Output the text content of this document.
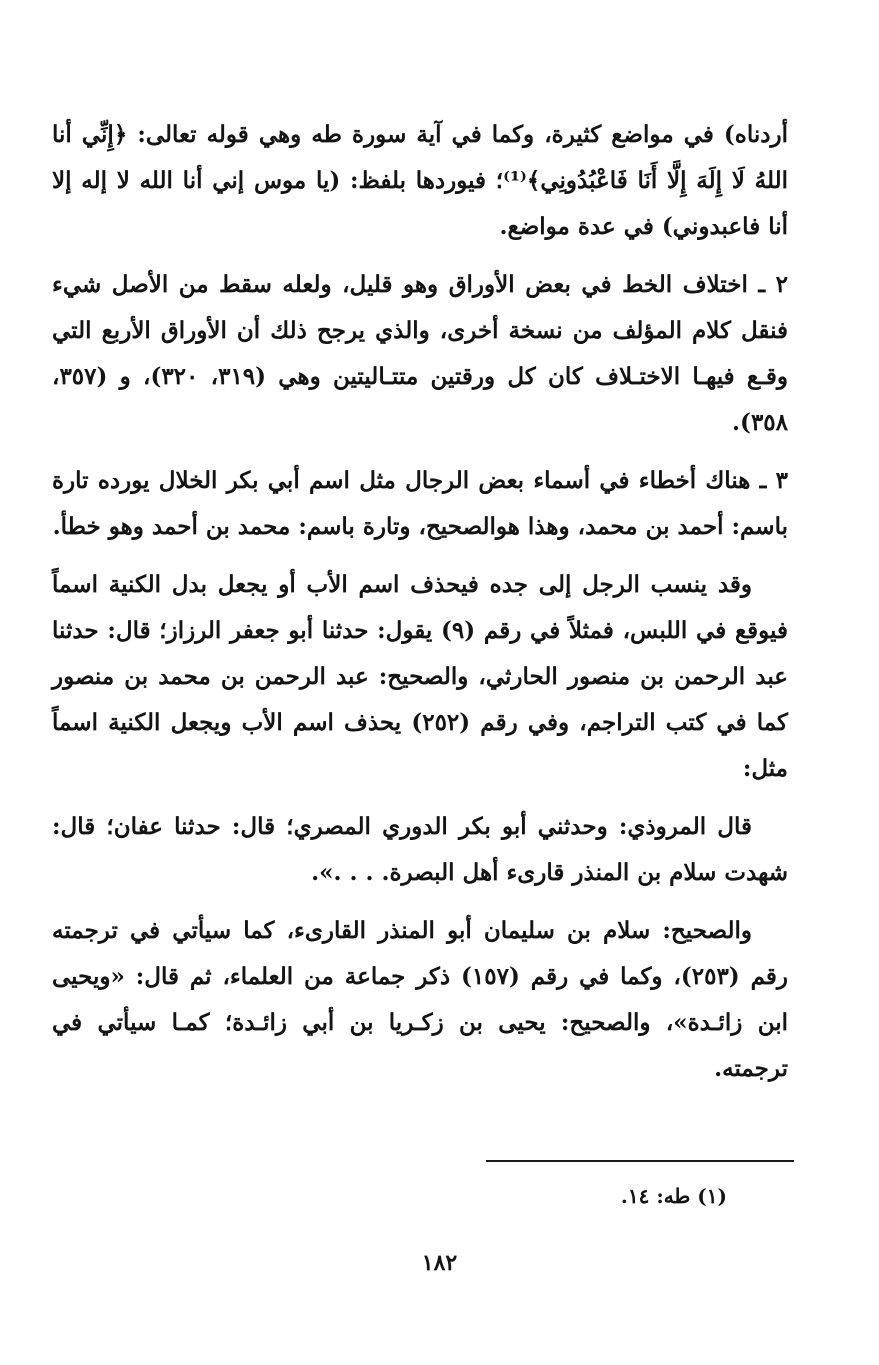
أردناه) في مواضع كثيرة، وكما في آية سورة طه وهي قوله تعالى: ﴿إِنِّي أنا اللهُ لَا إِلَهَ إِلَّا أَنَا فَاعْبُدُونِي﴾⁽¹⁾؛ فيوردها بلفظ: (يا موس إني أنا الله لا إله إلا أنا فاعبدوني) في عدة مواضع.

٢ ـ اختلاف الخط في بعض الأوراق وهو قليل، ولعله سقط من الأصل شيء فنقل كلام المؤلف من نسخة أخرى، والذي يرجح ذلك أن الأوراق الأربع التي وقـع فيهـا الاختـلاف كان كل ورقتين متتـاليتين وهي (٣١٩، ٣٢٠)، و (٣٥٧، ٣٥٨).

٣ ـ هناك أخطاء في أسماء بعض الرجال مثل اسم أبي بكر الخلال يورده تارة باسم: أحمد بن محمد، وهذا هوالصحيح، وتارة باسم: محمد بن أحمد وهو خطأ.

وقد ينسب الرجل إلى جده فيحذف اسم الأب أو يجعل بدل الكنية اسماً فيوقع في اللبس، فمثلاً في رقم (٩) يقول: حدثنا أبو جعفر الرزاز؛ قال: حدثنا عبد الرحمن بن منصور الحارثي، والصحيح: عبد الرحمن بن محمد بن منصور كما في كتب التراجم، وفي رقم (٢٥٢) يحذف اسم الأب ويجعل الكنية اسماً مثل:

قال المروذي: وحدثني أبو بكر الدوري المصري؛ قال: حدثنا عفان؛ قال: شهدت سلام بن المنذر قارىء أهل البصرة. . . .».

والصحيح: سلام بن سليمان أبو المنذر القارىء، كما سيأتي في ترجمته رقم (٢٥٣)، وكما في رقم (١٥٧) ذكر جماعة من العلماء، ثم قال: «ويحيى ابن زائـدة»، والصحيح: يحيى بن زكـريا بن أبي زائـدة؛ كمـا سيأتي في ترجمته.

(١) طه: ١٤.
١٨٢
